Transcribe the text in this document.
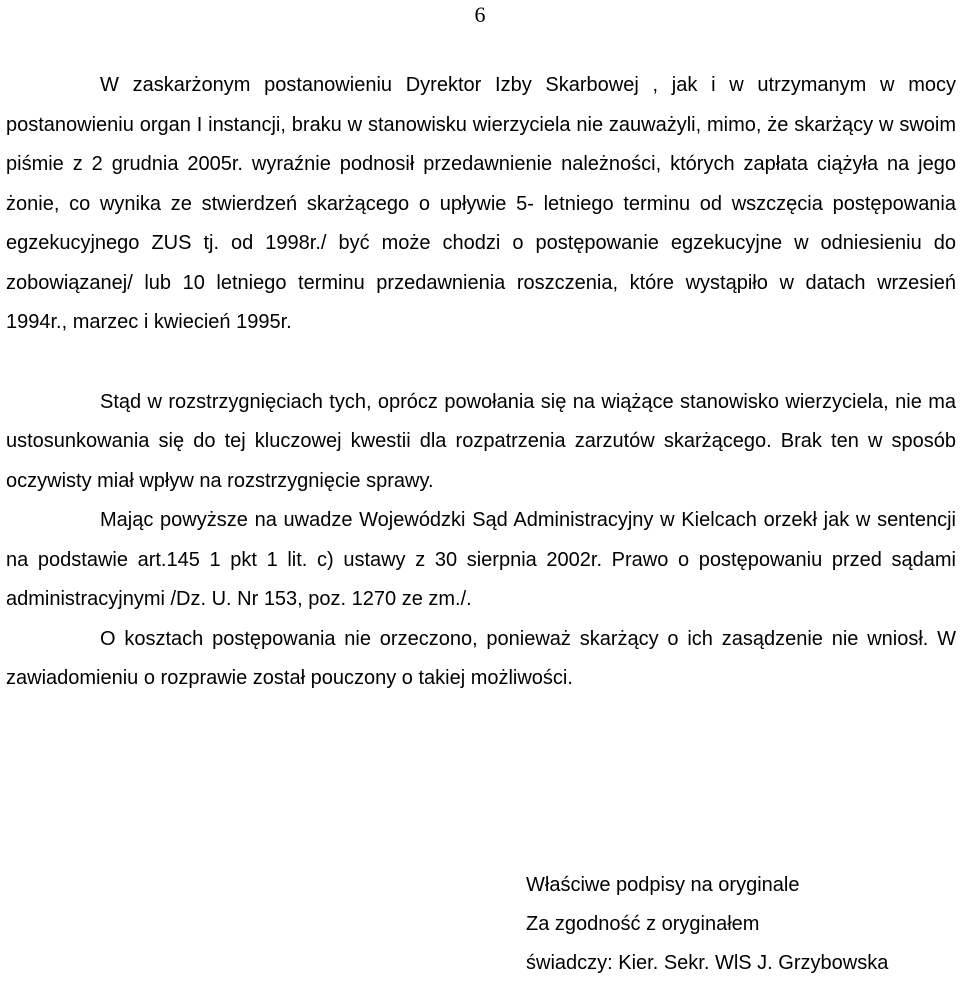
6

W zaskarżonym postanowieniu Dyrektor Izby Skarbowej , jak i w utrzymanym w mocy postanowieniu organ I instancji, braku w stanowisku wierzyciela nie zauważyli, mimo, że skarżący w swoim piśmie z 2 grudnia 2005r. wyraźnie podnosił przedawnienie należności, których zapłata ciążyła na jego żonie, co wynika ze stwierdzeń skarżącego o upływie 5- letniego terminu od wszczęcia postępowania egzekucyjnego ZUS tj. od 1998r./ być może chodzi o postępowanie egzekucyjne w odniesieniu do zobowiązanej/ lub 10 letniego terminu przedawnienia roszczenia, które wystąpiło w datach wrzesień 1994r., marzec i kwiecień 1995r.

Stąd w rozstrzygnięciach tych, oprócz powołania się na wiążące stanowisko wierzyciela, nie ma ustosunkowania się do tej kluczowej kwestii dla rozpatrzenia zarzutów skarżącego. Brak ten w sposób oczywisty miał wpływ na rozstrzygnięcie sprawy.

Mając powyższe na uwadze Wojewódzki Sąd Administracyjny w Kielcach orzekł jak w sentencji na podstawie art.145 1 pkt 1 lit. c) ustawy z 30 sierpnia 2002r. Prawo o postępowaniu przed sądami administracyjnymi /Dz. U. Nr 153, poz. 1270 ze zm./.

O kosztach postępowania nie orzeczono, ponieważ skarżący o ich zasądzenie nie wniosł. W zawiadomieniu o rozprawie został pouczony o takiej możliwości.

Właściwe podpisy na oryginale
Za zgodność z oryginałem
świadczy: Kier. Sekr. WlS J. Grzybowska
